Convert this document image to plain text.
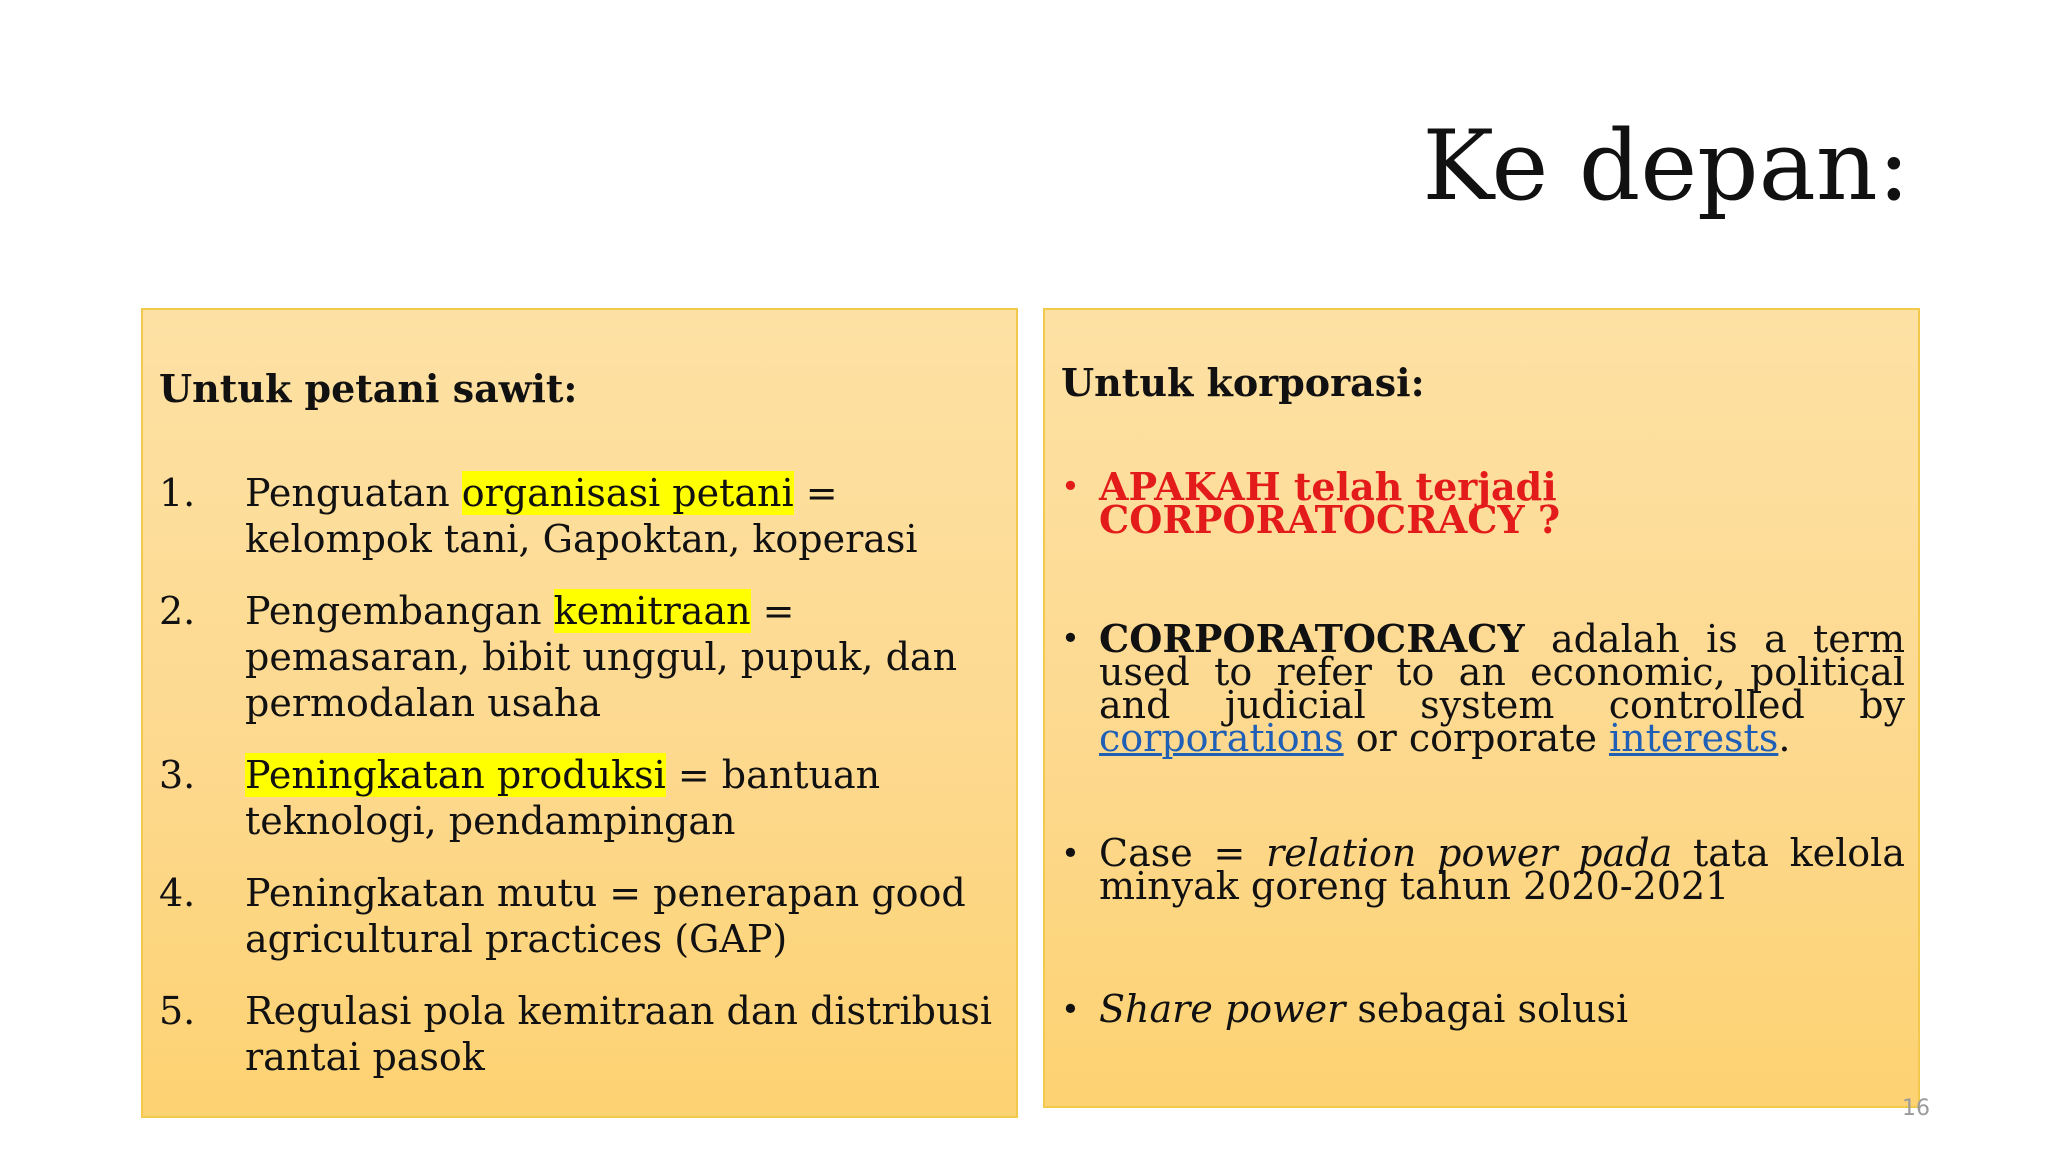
Ke depan:
Untuk petani sawit:
1.	Penguatan organisasi petani = kelompok tani, Gapoktan, koperasi
2.	Pengembangan kemitraan = pemasaran, bibit unggul, pupuk, dan permodalan usaha
3.	Peningkatan produksi = bantuan teknologi, pendampingan
4.	Peningkatan mutu = penerapan good agricultural practices (GAP)
5.	Regulasi pola kemitraan dan distribusi rantai pasok
Untuk korporasi:
• APAKAH telah terjadi CORPORATOCRACY ?
• CORPORATOCRACY adalah is a term used to refer to an economic, political and judicial system controlled by corporations or corporate interests.
• Case = relation power pada tata kelola minyak goreng tahun 2020-2021
• Share power sebagai solusi
16
